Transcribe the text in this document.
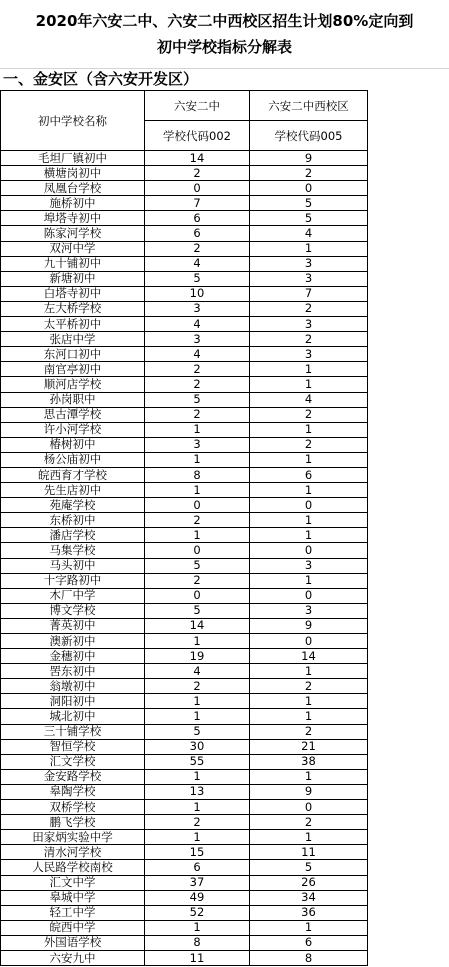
2020年六安二中、六安二中西校区招生计划80%定向到
初中学校指标分解表
一、金安区（含六安开发区）
初中学校名称	六安二中	六安二中西校区
	学校代码002	学校代码005
毛坦厂镇初中	14	9
横塘岗初中	2	2
凤凰台学校	0	0
施桥初中	7	5
埠塔寺初中	6	5
陈家河学校	6	4
双河中学	2	1
九十铺初中	4	3
新塘初中	5	3
白塔寺初中	10	7
左大桥学校	3	2
太平桥初中	4	3
张店中学	3	2
东河口初中	4	3
南官亭初中	2	1
顺河店学校	2	1
孙岗职中	5	4
思古潭学校	2	2
许小河学校	1	1
椿树初中	3	2
杨公庙初中	1	1
皖西育才学校	8	6
先生店初中	1	1
苑庵学校	0	0
东桥初中	2	1
潘店学校	1	1
马集学校	0	0
马头初中	5	3
十字路初中	2	1
木厂中学	0	0
博文学校	5	3
菁英初中	14	9
澳新初中	1	0
金穗初中	19	14
罟东初中	4	1
翁墩初中	2	2
洞阳初中	1	1
城北初中	1	1
三十铺学校	5	2
智恒学校	30	21
汇文学校	55	38
金安路学校	1	1
皋陶学校	13	9
双桥学校	1	0
鹏飞学校	2	2
田家炳实验中学	1	1
清水河学校	15	11
人民路学校南校	6	5
汇文中学	37	26
皋城中学	49	34
轻工中学	52	36
皖西中学	1	1
外国语学校	8	6
六安九中	11	8
